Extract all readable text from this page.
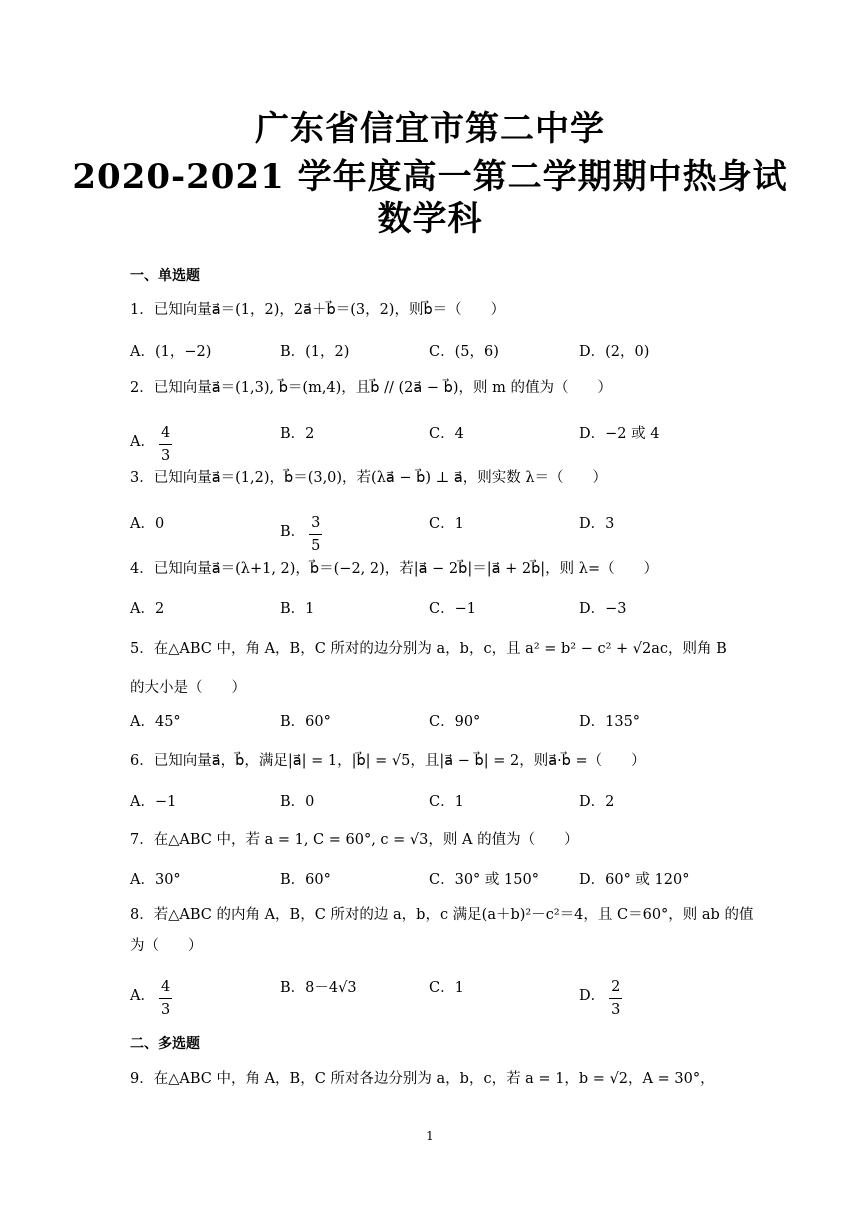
广东省信宜市第二中学
2020-2021 学年度高一第二学期期中热身试
数学科
一、单选题
1．已知向量a⃗＝(1，2)，2a⃗＋b⃗＝(3，2)，则b⃗＝（　　）
A．(1，−2)	B．(1，2)	C．(5，6)	D．(2，0)
2．已知向量a⃗＝(1,3), b⃗＝(m,4)，且b⃗ // (2a⃗ − b⃗)，则 m 的值为（　　）
A． $\frac{4}{3}$	B．2	C．4	D．−2 或 4
3．已知向量a⃗＝(1,2)，b⃗＝(3,0)，若(λa⃗ − b⃗) ⊥ a⃗，则实数 λ＝（　　）
A．0	B． $\frac{3}{5}$	C．1	D．3
4．已知向量a⃗＝(λ+1, 2)，b⃗＝(−2, 2)，若|a⃗ − 2b⃗|＝|a⃗ + 2b⃗|，则 λ=（　　）
A．2	B．1	C．−1	D．−3
5．在△ABC 中，角 A，B，C 所对的边分别为 a，b，c，且 a² = b² − c² + √2ac，则角 B
的大小是（　　）
A．45°	B．60°	C．90°	D．135°
6．已知向量a⃗，b⃗，满足|a⃗| = 1，|b⃗| = √5，且|a⃗ − b⃗| = 2，则a⃗·b⃗ =（　　）
A．−1	B．0	C．1	D．2
7．在△ABC 中，若 a = 1, C = 60°, c = √3，则 A 的值为（　　）
A．30°	B．60°	C．30° 或 150°	D．60° 或 120°
8．若△ABC 的内角 A，B，C 所对的边 a，b，c 满足(a＋b)²－c²＝4，且 C＝60°，则 ab 的值
为（　　）
A． $\frac{4}{3}$	B．8－4√3	C．1	D． $\frac{2}{3}$
二、多选题
9．在△ABC 中，角 A，B，C 所对各边分别为 a，b，c，若 a = 1，b = √2，A = 30°，
1
